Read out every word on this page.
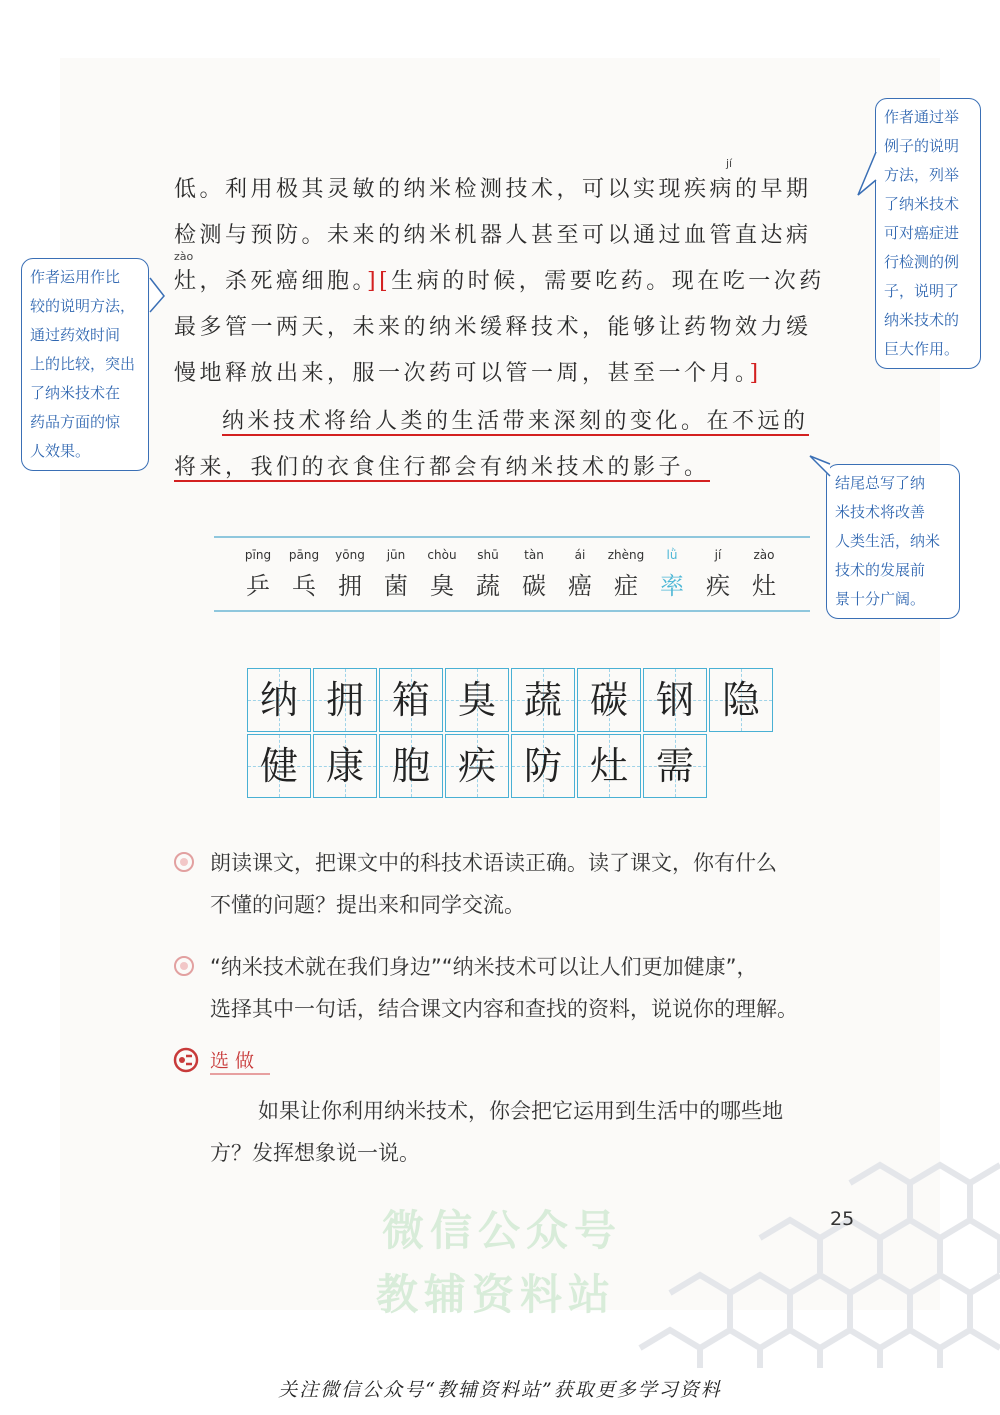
低。利用极其灵敏的纳米检测技术，可以实现疾病的早期
jí
检测与预防。未来的纳米机器人甚至可以通过血管直达病
zào
灶，杀死癌细胞。][生病的时候，需要吃药。现在吃一次药
最多管一两天，未来的纳米缓释技术，能够让药物效力缓
慢地释放出来，服一次药可以管一周，甚至一个月。]
纳米技术将给人类的生活带来深刻的变化。在不远的
将来，我们的衣食住行都会有纳米技术的影子。
作者运用作比
较的说明方法，
通过药效时间
上的比较，突出
了纳米技术在
药品方面的惊
人效果。
作者通过举
例子的说明
方法，列举
了纳米技术
可对癌症进
行检测的例
子，说明了
纳米技术的
巨大作用。
结尾总写了纳
米技术将改善
人类生活，纳米
技术的发展前
景十分广阔。
pīng
乒
pāng
乓
yōng
拥
jūn
菌
chòu
臭
shū
蔬
tàn
碳
ái
癌
zhèng
症
lǜ
率
jí
疾
zào
灶
纳 拥 箱 臭 蔬 碳 钢 隐
健 康 胞 疾 防 灶 需
微信公众号
教辅资料站
朗读课文，把课文中的科技术语读正确。读了课文，你有什么
不懂的问题？提出来和同学交流。
“纳米技术就在我们身边”“纳米技术可以让人们更加健康”，
选择其中一句话，结合课文内容和查找的资料，说说你的理解。
选 做
如果让你利用纳米技术，你会把它运用到生活中的哪些地
方？发挥想象说一说。
25
关注微信公众号“教辅资料站”获取更多学习资料
